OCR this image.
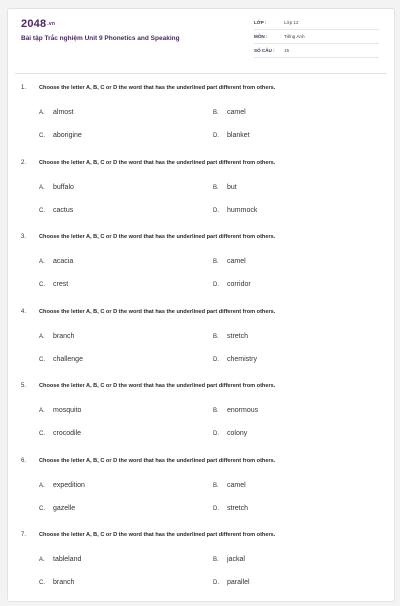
2048.vn
Bài tập Trắc nghiệm Unit 9 Phonetics and Speaking
LỚP :	Lớp 12
MÔN :	Tiếng Anh
SỐ CÂU : 15
1. Choose the letter A, B, C or D the word that has the underlined part different from others.
A. almost	B. camel
C. aborigine	D. blanket
2. Choose the letter A, B, C or D the word that has the underlined part different from others.
A. buffalo	B. but
C. cactus	D. hummock
3. Choose the letter A, B, C or D the word that has the underlined part different from others.
A. acacia	B. camel
C. crest	D. corridor
4. Choose the letter A, B, C or D the word that has the underlined part different from others.
A. branch	B. stretch
C. challenge	D. chemistry
5. Choose the letter A, B, C or D the word that has the underlined part different from others.
A. mosquito	B. enormous
C. crocodile	D. colony
6. Choose the letter A, B, C or D the word that has the underlined part different from others.
A. expedition	B. camel
C. gazelle	D. stretch
7. Choose the letter A, B, C or D the word that has the underlined part different from others.
A. tableland	B. jackal
C. branch	D. parallel
